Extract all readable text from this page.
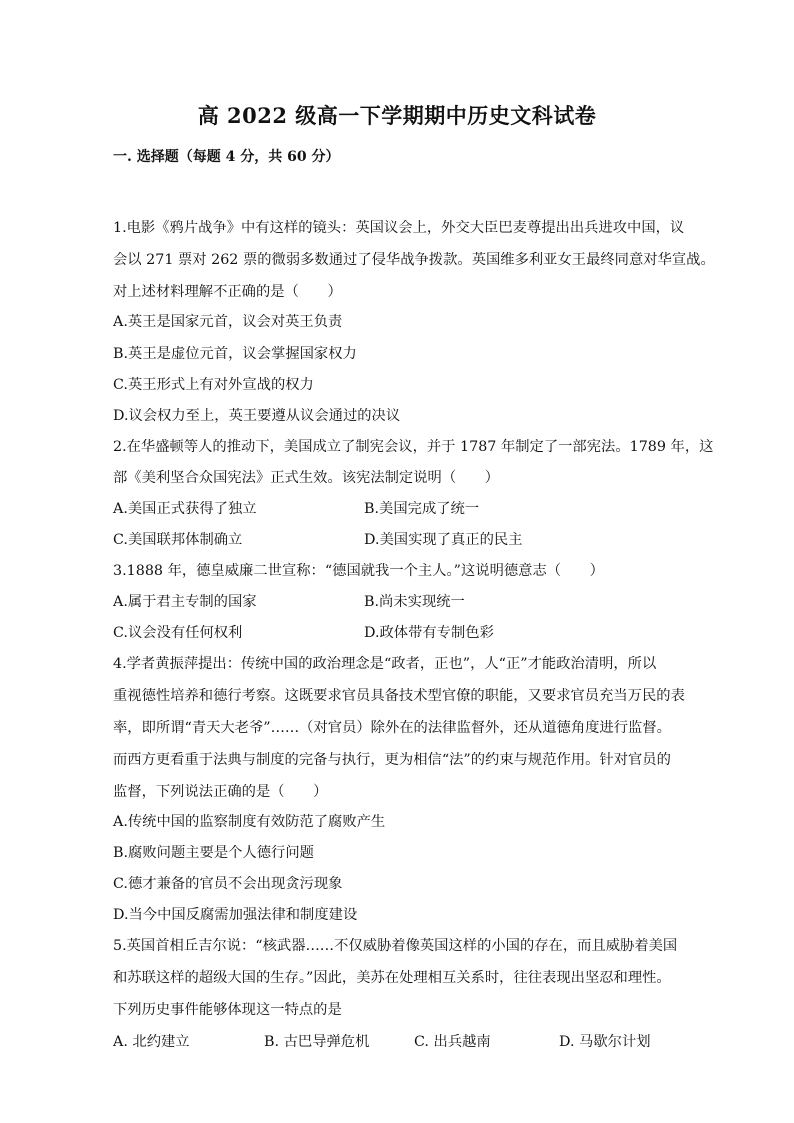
高 2022 级高一下学期期中历史文科试卷
一. 选择题（每题 4 分，共 60 分）
1.电影《鸦片战争》中有这样的镜头：英国议会上，外交大臣巴麦尊提出出兵进攻中国，议
会以 271 票对 262 票的微弱多数通过了侵华战争拨款。英国维多利亚女王最终同意对华宣战。
对上述材料理解不正确的是（　　）
A.英王是国家元首，议会对英王负责
B.英王是虚位元首，议会掌握国家权力
C.英王形式上有对外宣战的权力
D.议会权力至上，英王要遵从议会通过的决议
2.在华盛顿等人的推动下，美国成立了制宪会议，并于 1787 年制定了一部宪法。1789 年，这
部《美利坚合众国宪法》正式生效。该宪法制定说明（　　）
A.美国正式获得了独立	B.美国完成了统一
C.美国联邦体制确立	D.美国实现了真正的民主
3.1888 年，德皇威廉二世宣称：“德国就我一个主人。”这说明德意志（　　）
A.属于君主专制的国家	B.尚未实现统一
C.议会没有任何权利	D.政体带有专制色彩
4.学者黄振萍提出：传统中国的政治理念是“政者，正也”，人“正”才能政治清明，所以
重视德性培养和德行考察。这既要求官员具备技术型官僚的职能，又要求官员充当万民的表
率，即所谓“青天大老爷”……（对官员）除外在的法律监督外，还从道德角度进行监督。
而西方更看重于法典与制度的完备与执行，更为相信“法”的约束与规范作用。针对官员的
监督，下列说法正确的是（　　）
A.传统中国的监察制度有效防范了腐败产生
B.腐败问题主要是个人德行问题
C.德才兼备的官员不会出现贪污现象
D.当今中国反腐需加强法律和制度建设
5.英国首相丘吉尔说：“核武器……不仅威胁着像英国这样的小国的存在，而且威胁着美国
和苏联这样的超级大国的生存。”因此，美苏在处理相互关系时，往往表现出坚忍和理性。
下列历史事件能够体现这一特点的是
A. 北约建立	B. 古巴导弹危机	C. 出兵越南	D. 马歇尔计划
